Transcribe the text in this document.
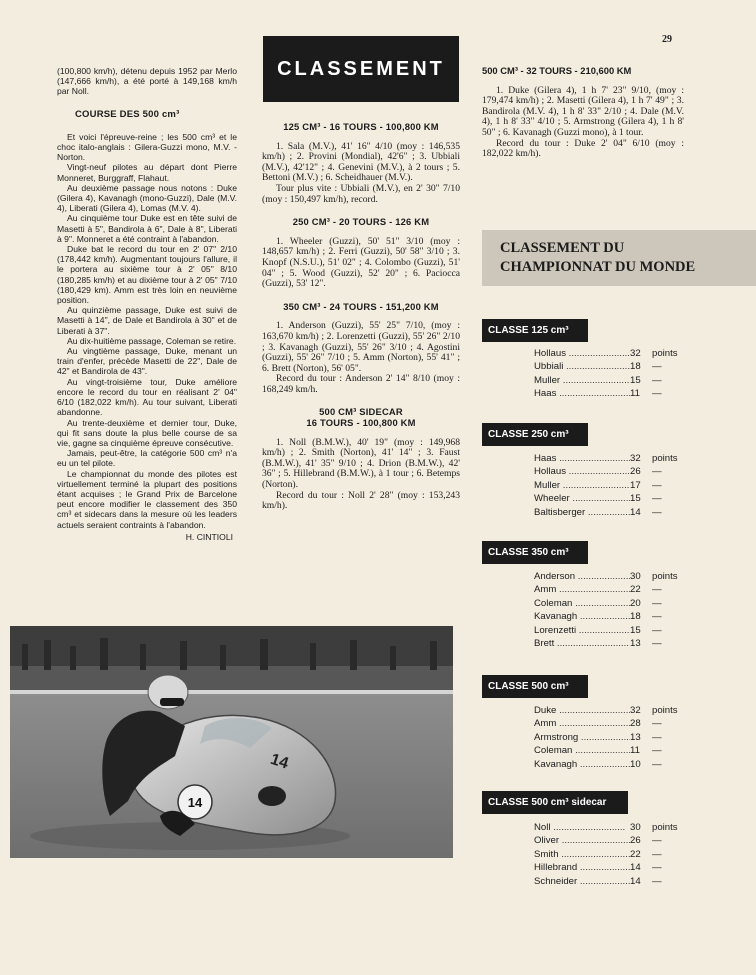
29

(100,800 km/h), détenu depuis 1952 par Merlo (147,666 km/h), a été porté à 149,168 km/h par Noll.

COURSE DES 500 cm³

Et voici l'épreuve-reine ; les 500 cm³ et le choc italo-anglais : Gilera-Guzzi mono, M.V. - Norton.

Vingt-neuf pilotes au départ dont Pierre Monneret, Burggraff, Flahaut.

Au deuxième passage nous notons : Duke (Gilera 4), Kavanagh (mono-Guzzi), Dale (M.V. 4), Liberati (Gilera 4), Lomas (M.V. 4).

Au cinquième tour Duke est en tête suivi de Masetti à 5", Bandirola à 6", Dale à 8", Liberati à 9". Monneret a été contraint à l'abandon.

Duke bat le record du tour en 2' 07" 2/10 (178,442 km/h). Augmentant toujours l'allure, il le portera au sixième tour à 2' 05" 8/10 (180,285 km/h) et au dixième tour à 2' 05" 7/10 (180,429 km). Amm est très loin en neuvième position.

Au quinzième passage, Duke est suivi de Masetti à 14", de Dale et Bandirola à 30" et de Liberati à 37".

Au dix-huitième passage, Coleman se retire.

Au vingtième passage, Duke, menant un train d'enfer, précède Masetti de 22", Dale de 42" et Bandirola de 43".

Au vingt-troisième tour, Duke améliore encore le record du tour en réalisant 2' 04" 6/10 (182,022 km/h). Au tour suivant, Liberati abandonne.

Au trente-deuxième et dernier tour, Duke, qui fit sans doute la plus belle course de sa vie, gagne sa cinquième épreuve consécutive.

Jamais, peut-être, la catégorie 500 cm³ n'a eu un tel pilote.

Le championnat du monde des pilotes est virtuellement terminé la plupart des positions étant acquises ; le Grand Prix de Barcelone peut encore modifier le classement des 350 cm³ et sidecars dans la mesure où les leaders actuels seraient contraints à l'abandon.

H. CINTIOLI
CLASSEMENT
125 CM³ - 16 TOURS - 100,800 KM

1. Sala (M.V.), 41' 16" 4/10 (moy : 146,535 km/h) ; 2. Provini (Mondial), 42'6" ; 3. Ubbiali (M.V.), 42'12" ; 4. Genevini (M.V.), à 2 tours ; 5. Bettoni (M.V.) ; 6. Scheidhauer (M.V.).

Tour plus vite : Ubbiali (M.V.), en 2' 30" 7/10 (moy : 150,497 km/h), record.

250 CM³ - 20 TOURS - 126 KM

1. Wheeler (Guzzi), 50' 51" 3/10 (moy : 148,657 km/h) ; 2. Ferri (Guzzi), 50' 58" 3/10 ; 3. Knopf (N.S.U.), 51' 02" ; 4. Colombo (Guzzi), 51' 04" ; 5. Wood (Guzzi), 52' 20" ; 6. Paciocca (Guzzi), 53' 12".

350 CM³ - 24 TOURS - 151,200 KM

1. Anderson (Guzzi), 55' 25" 7/10, (moy : 163,670 km/h) ; 2. Lorenzetti (Guzzi), 55' 26" 2/10 ; 3. Kavanagh (Guzzi), 55' 26" 3/10 ; 4. Agostini (Guzzi), 55' 26" 7/10 ; 5. Amm (Norton), 55' 41" ; 6. Brett (Norton), 56' 05".

Record du tour : Anderson 2' 14" 8/10 (moy : 168,249 km/h.

500 CM³ SIDECAR
16 TOURS - 100,800 KM

1. Noll (B.M.W.), 40' 19" (moy : 149,968 km/h) ; 2. Smith (Norton), 41' 14" ; 3. Faust (B.M.W.), 41' 35" 9/10 ; 4. Drion (B.M.W.), 42' 36" ; 5. Hillebrand (B.M.W.), à 1 tour ; 6. Betemps (Norton).

Record du tour : Noll 2' 28" (moy : 153,243 km/h).

500 CM³ - 32 TOURS - 210,600 KM

1. Duke (Gilera 4), 1 h 7' 23" 9/10, (moy : 179,474 km/h) ; 2. Masetti (Gilera 4), 1 h 7' 49" ; 3. Bandirola (M.V. 4), 1 h 8' 33" 2/10 ; 4. Dale (M.V. 4), 1 h 8' 33" 4/10 ; 5. Armstrong (Gilera 4), 1 h 8' 50" ; 6. Kavanagh (Guzzi mono), à 1 tour.

Record du tour : Duke 2' 04" 6/10 (moy : 182,022 km/h).

CLASSEMENT DU
CHAMPIONNAT DU MONDE
CLASSE 125 cm³
Hollaus .....	32	points
Ubbiali .....	18	—
Muller .....	15	—
Haas .....	11	—
CLASSE 250 cm³
Haas .....	32	points
Hollaus .....	26	—
Muller .....	17	—
Wheeler .....	15	—
Baltisberger .....	14	—
CLASSE 350 cm³
Anderson .....	30	points
Amm .....	22	—
Coleman .....	20	—
Kavanagh .....	18	—
Lorenzetti .....	15	—
Brett .....	13	—
CLASSE 500 cm³
Duke .....	32	points
Amm .....	28	—
Armstrong .....	13	—
Coleman .....	11	—
Kavanagh .....	10	—
CLASSE 500 cm³ sidecar
Noll .....	30	points
Oliver .....	26	—
Smith .....	22	—
Hillebrand .....	14	—
Schneider .....	14	—
14
14
